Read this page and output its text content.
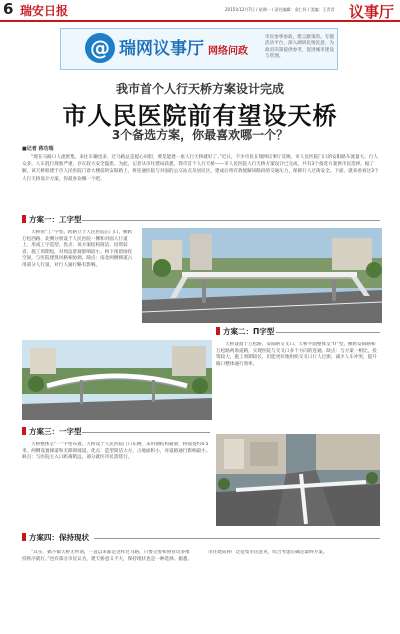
6 瑞安日报	2015年12月7日 / 星期一 / 责任编辑：金仁怀 / 美编：王青青 议事厅
@ 瑞网议事厅 网络问政
市民参事参政，建言献策的。专题活动平台，深入调研民情民意，为政府决策提供参考，促进城市建设与管理。
我市首个人行天桥方案设计完成
市人民医院前有望设天桥
3个备选方案，你最喜欢哪一个？
■记者 蒋功瑞
“现在马路口人流密集，来往车辆也多，过马路总是提心吊胆，要是能建一座人行天桥就好了。”近日，不少市民在瑞网议事厅反映，市人民医院门口的安阳路车流量大、行人众多，人车混行现象严重，存在较大安全隐患。为此，记者从市住建局获悉，我市首个人行天桥——市人民医院人行天桥方案设计已完成，共有3个备选方案供市民选择。据了解，该天桥拟建于市人民医院门诊大楼前的安阳路上，将连通医院与对面的公交站点及居民区，建成后将有效缓解该路段的交通压力，保障行人过街安全。下面，就来看看这3个人行天桥设计方案，你最喜欢哪一个吧。
方案一：工字型
天桥由“工”字型、跨路立于人民医院正门口，横跨万松西路，北侧分别设于人民医院一侧和对面人行道上，形成工字造型。优点：该方案结构简洁，投资较省，施工周期短，对周边景观影响较小，桥下预留绿化空间，与医院建筑风格相协调。缺点：南北两侧梯道占用部分人行道，对行人通行略有影响。
方案二：П字型
天桥设置于万松路、安阳路交叉口，天桥平面整体呈“П”型，横跨安阳路和万松路两条道路，实现医院与交叉口多个方向的连通。缺点：与方案一相比，投资较大，施工周期较长，但能更好地组织交叉口行人过街，减少人车冲突，提升路口整体通行效率。
方案三：一字型
天桥整体呈“一”字型布置，天桥设于人民医院门口东侧，采用钢结构箱梁，桥面宽约4.5米，两侧设置梯道和无障碍坡道。优点：造型简洁大方，占地面积小，对道路通行影响最小。缺点：与医院主入口距离稍远，部分就医市民需绕行。
方案四：保持现状
“其实，搞不搞天桥无所谓，一直以来都是这样过马路，只要交警和协管员多维持秩序就行。”也有部分市民认为，建天桥意义不大，保持现状也是一种选择。据悉，市住建局将广泛征集市民意见，综合考虑后确定最终方案。
